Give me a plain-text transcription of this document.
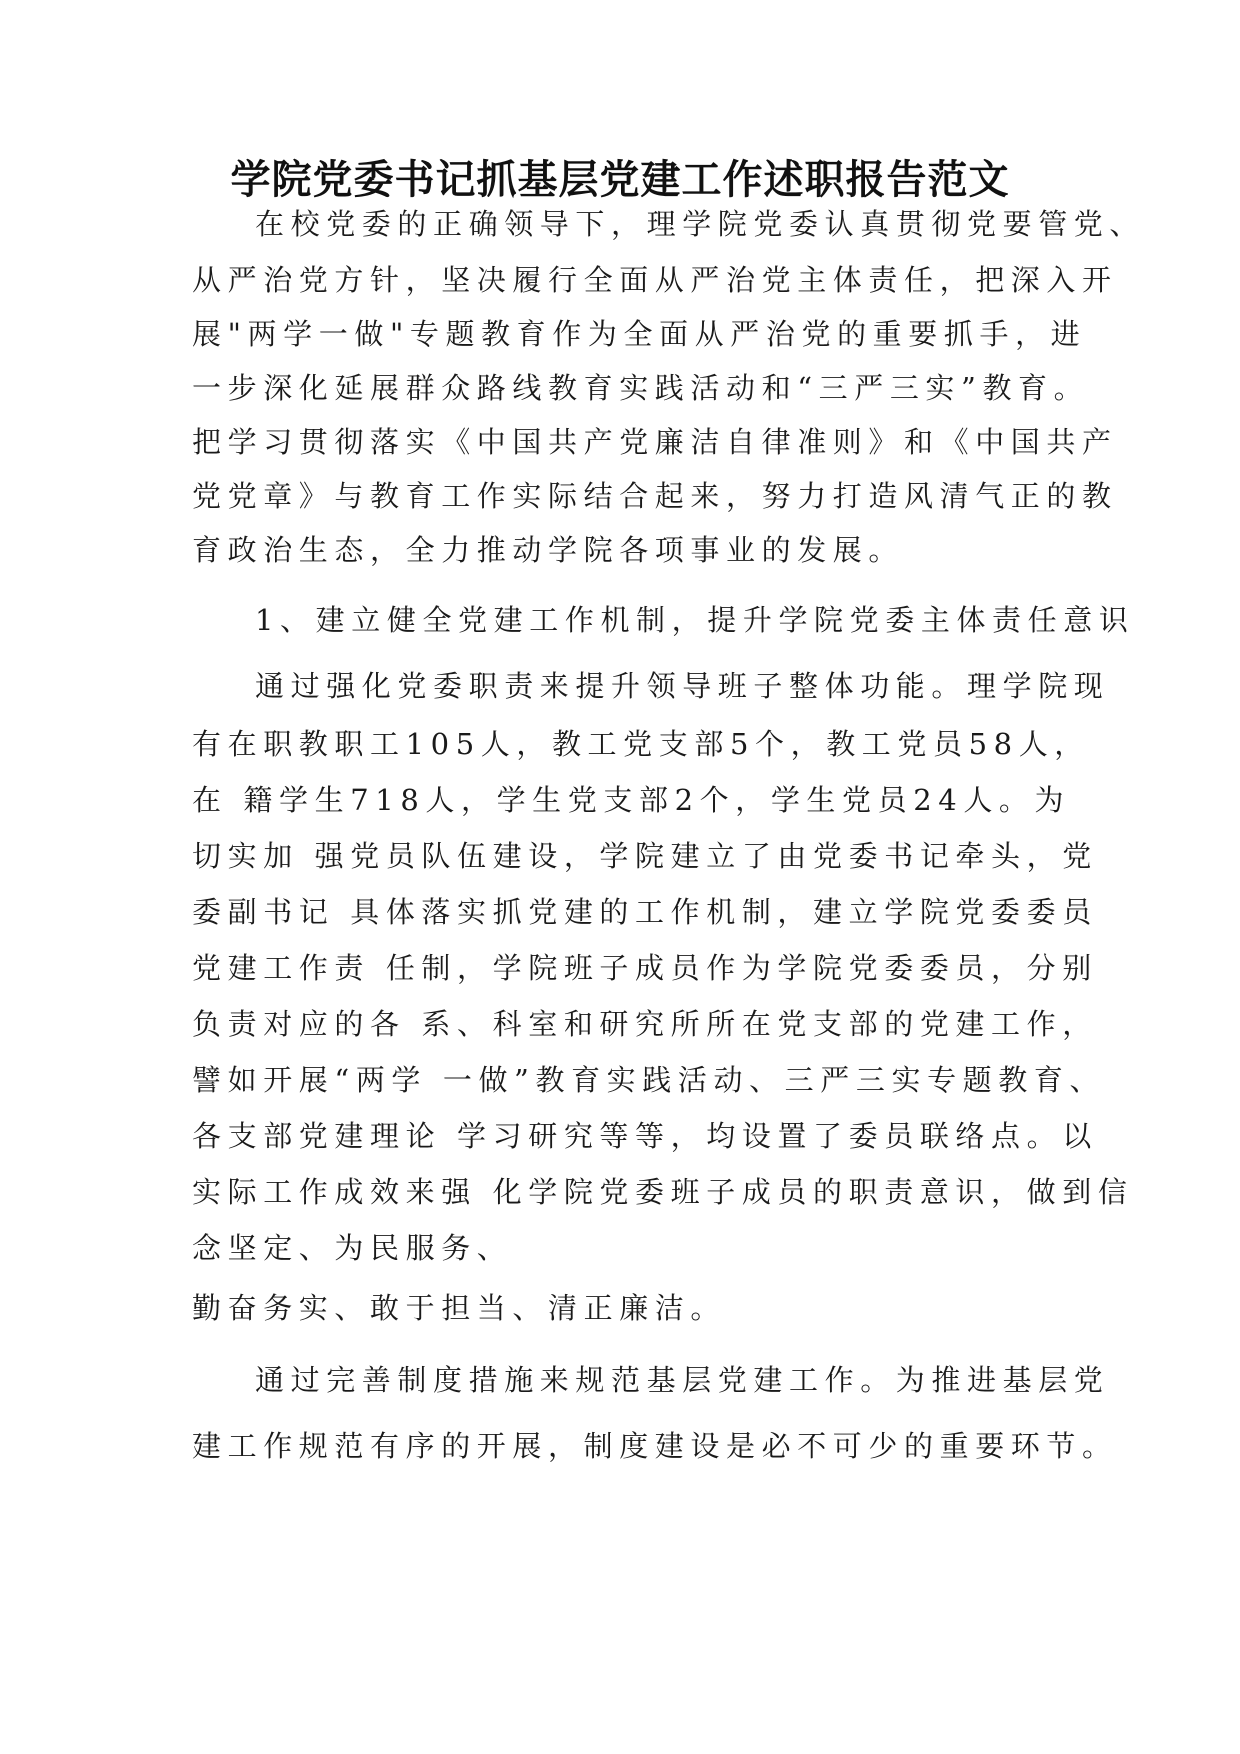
学院党委书记抓基层党建工作述职报告范文
在校党委的正确领导下，理学院党委认真贯彻党要管党、
从严治党方针，坚决履行全面从严治党主体责任，把深入开
展"两学一做"专题教育作为全面从严治党的重要抓手，进
一步深化延展群众路线教育实践活动和“三严三实”教育。
把学习贯彻落实《中国共产党廉洁自律准则》和《中国共产
党党章》与教育工作实际结合起来，努力打造风清气正的教
育政治生态，全力推动学院各项事业的发展。
1、建立健全党建工作机制，提升学院党委主体责任意识
通过强化党委职责来提升领导班子整体功能。理学院现
有在职教职工105人，教工党支部5个，教工党员58人，
在 籍学生718人，学生党支部2个，学生党员24人。为
切实加 强党员队伍建设，学院建立了由党委书记牵头，党
委副书记 具体落实抓党建的工作机制，建立学院党委委员
党建工作责 任制，学院班子成员作为学院党委委员，分别
负责对应的各 系、科室和研究所所在党支部的党建工作，
譬如开展“两学 一做”教育实践活动、三严三实专题教育、
各支部党建理论 学习研究等等，均设置了委员联络点。以
实际工作成效来强 化学院党委班子成员的职责意识，做到信
念坚定、为民服务、
勤奋务实、敢于担当、清正廉洁。
通过完善制度措施来规范基层党建工作。为推进基层党
建工作规范有序的开展，制度建设是必不可少的重要环节。
